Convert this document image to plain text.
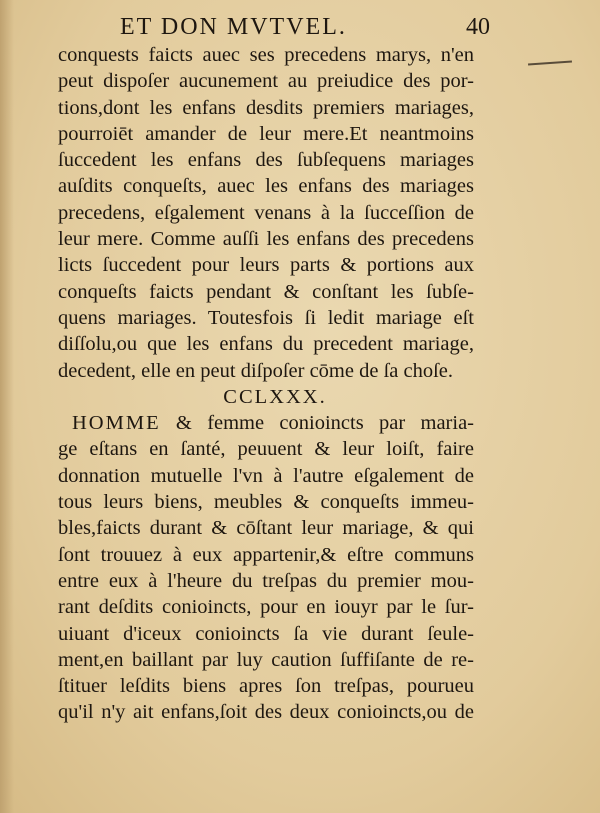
ET DON MVTVEL.	40
conquests faicts auec ses precedens marys, n'en
peut dispoſer aucunement au preiudice des por-
tions,dont les enfans desdits premiers mariages,
pourroiēt amander de leur mere.Et neantmoins
ſuccedent les enfans des ſubſequens mariages
auſdits conqueſts, auec les enfans des mariages
precedens, eſgalement venans à la ſucceſſion de
leur mere. Comme auſſi les enfans des precedens
licts ſuccedent pour leurs parts & portions aux
conqueſts faicts pendant & conſtant les ſubſe-
quens mariages. Toutesfois ſi ledit mariage eſt
diſſolu,ou que les enfans du precedent mariage,
decedent, elle en peut diſpoſer cōme de ſa choſe.
CCLXXX.
HOMME & femme conioincts par maria-
ge eſtans en ſanté, peuuent & leur loiſt, faire
donnation mutuelle l'vn à l'autre eſgalement de
tous leurs biens, meubles & conqueſts immeu-
bles,faicts durant & cōſtant leur mariage, & qui
ſont trouuez à eux appartenir,& eſtre communs
entre eux à l'heure du treſpas du premier mou-
rant deſdits conioincts, pour en iouyr par le ſur-
uiuant d'iceux conioincts ſa vie durant ſeule-
ment,en baillant par luy caution ſuffiſante de re-
ſtituer leſdits biens apres ſon treſpas, pourueu
qu'il n'y ait enfans,ſoit des deux conioincts,ou de
